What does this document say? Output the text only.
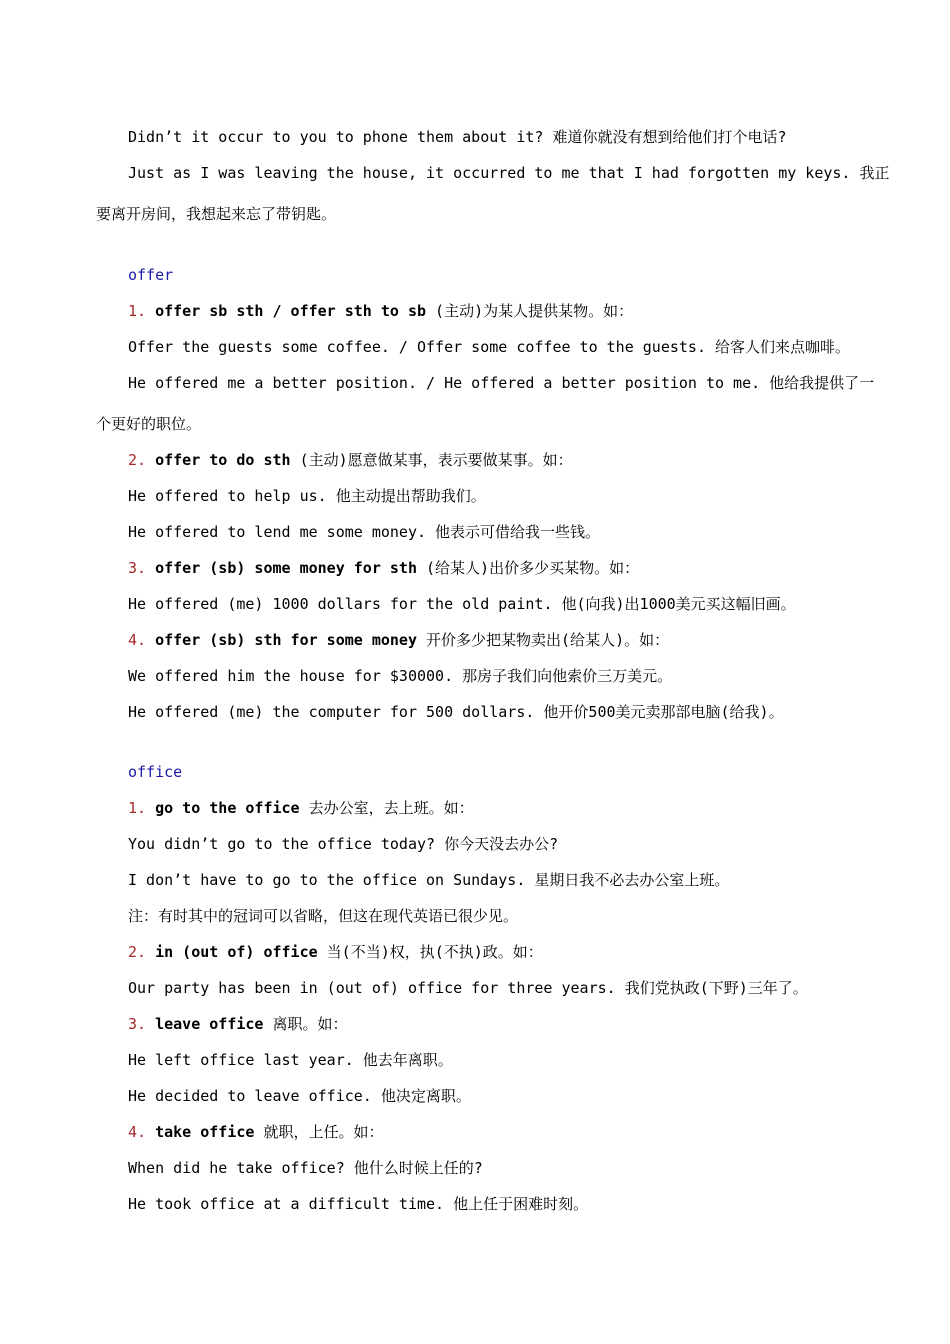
Didn’t it occur to you to phone them about it? 难道你就没有想到给他们打个电话?
Just as I was leaving the house, it occurred to me that I had forgotten my keys. 我正
要离开房间，我想起来忘了带钥匙。
offer
1. offer sb sth / offer sth to sb (主动)为某人提供某物。如：
Offer the guests some coffee. / Offer some coffee to the guests. 给客人们来点咖啡。
He offered me a better position. / He offered a better position to me. 他给我提供了一
个更好的职位。
2. offer to do sth (主动)愿意做某事，表示要做某事。如：
He offered to help us. 他主动提出帮助我们。
He offered to lend me some money. 他表示可借给我一些钱。
3. offer (sb) some money for sth (给某人)出价多少买某物。如：
He offered (me) 1000 dollars for the old paint. 他(向我)出1000美元买这幅旧画。
4. offer (sb) sth for some money 开价多少把某物卖出(给某人)。如：
We offered him the house for $30000. 那房子我们向他索价三万美元。
He offered (me) the computer for 500 dollars. 他开价500美元卖那部电脑(给我)。
office
1. go to the office 去办公室，去上班。如：
You didn’t go to the office today? 你今天没去办公?
I don’t have to go to the office on Sundays. 星期日我不必去办公室上班。
注：有时其中的冠词可以省略，但这在现代英语已很少见。
2. in (out of) office 当(不当)权，执(不执)政。如：
Our party has been in (out of) office for three years. 我们党执政(下野)三年了。
3. leave office 离职。如：
He left office last year. 他去年离职。
He decided to leave office. 他决定离职。
4. take office 就职，上任。如：
When did he take office? 他什么时候上任的?
He took office at a difficult time. 他上任于困难时刻。
